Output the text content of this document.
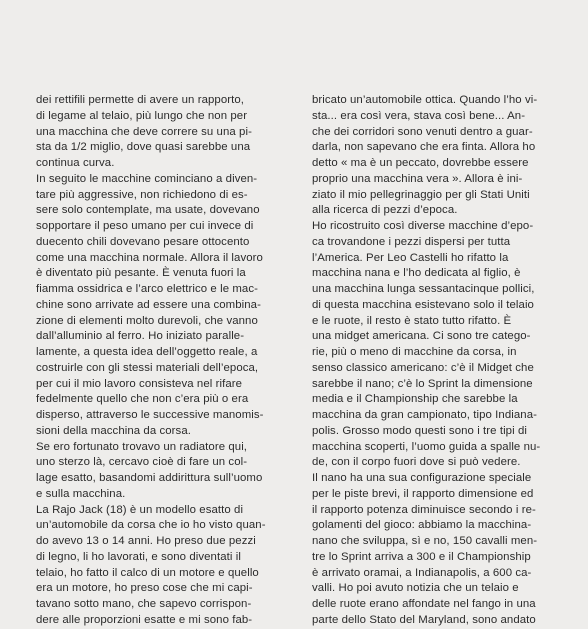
dei rettifili permette di avere un rapporto,
di legame al telaio, più lungo che non per
una macchina che deve correre su una pi-
sta da 1/2 miglio, dove quasi sarebbe una
continua curva.
In seguito le macchine cominciano a diven-
tare più aggressive, non richiedono di es-
sere solo contemplate, ma usate, dovevano
sopportare il peso umano per cui invece di
duecento chili dovevano pesare ottocento
come una macchina normale. Allora il lavoro
è diventato più pesante. È venuta fuori la
fiamma ossidrica e l’arco elettrico e le mac-
chine sono arrivate ad essere una combina-
zione di elementi molto durevoli, che vanno
dall’alluminio al ferro. Ho iniziato paralle-
lamente, a questa idea dell’oggetto reale, a
costruirle con gli stessi materiali dell’epoca,
per cui il mio lavoro consisteva nel rifare
fedelmente quello che non c’era più o era
disperso, attraverso le successive manomis-
sioni della macchina da corsa.
Se ero fortunato trovavo un radiatore qui,
uno sterzo là, cercavo cioè di fare un col-
lage esatto, basandomi addirittura sull’uomo
e sulla macchina.
La Rajo Jack (18) è un modello esatto di
un’automobile da corsa che io ho visto quan-
do avevo 13 o 14 anni. Ho preso due pezzi
di legno, li ho lavorati, e sono diventati il
telaio, ho fatto il calco di un motore e quello
era un motore, ho preso cose che mi capi-
tavano sotto mano, che sapevo corrispon-
dere alle proporzioni esatte e mi sono fab-
bricato un’automobile ottica. Quando l’ho vi-
sta... era così vera, stava così bene... An-
che dei corridori sono venuti dentro a guar-
darla, non sapevano che era finta. Allora ho
detto « ma è un peccato, dovrebbe essere
proprio una macchina vera ». Allora è ini-
ziato il mio pellegrinaggio per gli Stati Uniti
alla ricerca di pezzi d’epoca.
Ho ricostruito così diverse macchine d’epo-
ca trovandone i pezzi dispersi per tutta
l’America. Per Leo Castelli ho rifatto la
macchina nana e l’ho dedicata al figlio, è
una macchina lunga sessantacinque pollici,
di questa macchina esistevano solo il telaio
e le ruote, il resto è stato tutto rifatto. È
una midget americana. Ci sono tre catego-
rie, più o meno di macchine da corsa, in
senso classico americano: c’è il Midget che
sarebbe il nano; c’è lo Sprint la dimensione
media e il Championship che sarebbe la
macchina da gran campionato, tipo Indiana-
polis. Grosso modo questi sono i tre tipi di
macchina scoperti, l’uomo guida a spalle nu-
de, con il corpo fuori dove si può vedere.
Il nano ha una sua configurazione speciale
per le piste brevi, il rapporto dimensione ed
il rapporto potenza diminuisce secondo i re-
golamenti del gioco: abbiamo la macchina-
nano che sviluppa, sì e no, 150 cavalli men-
tre lo Sprint arriva a 300 e il Championship
è arrivato oramai, a Indianapolis, a 600 ca-
valli. Ho poi avuto notizia che un telaio e
delle ruote erano affondate nel fango in una
parte dello Stato del Maryland, sono andato
